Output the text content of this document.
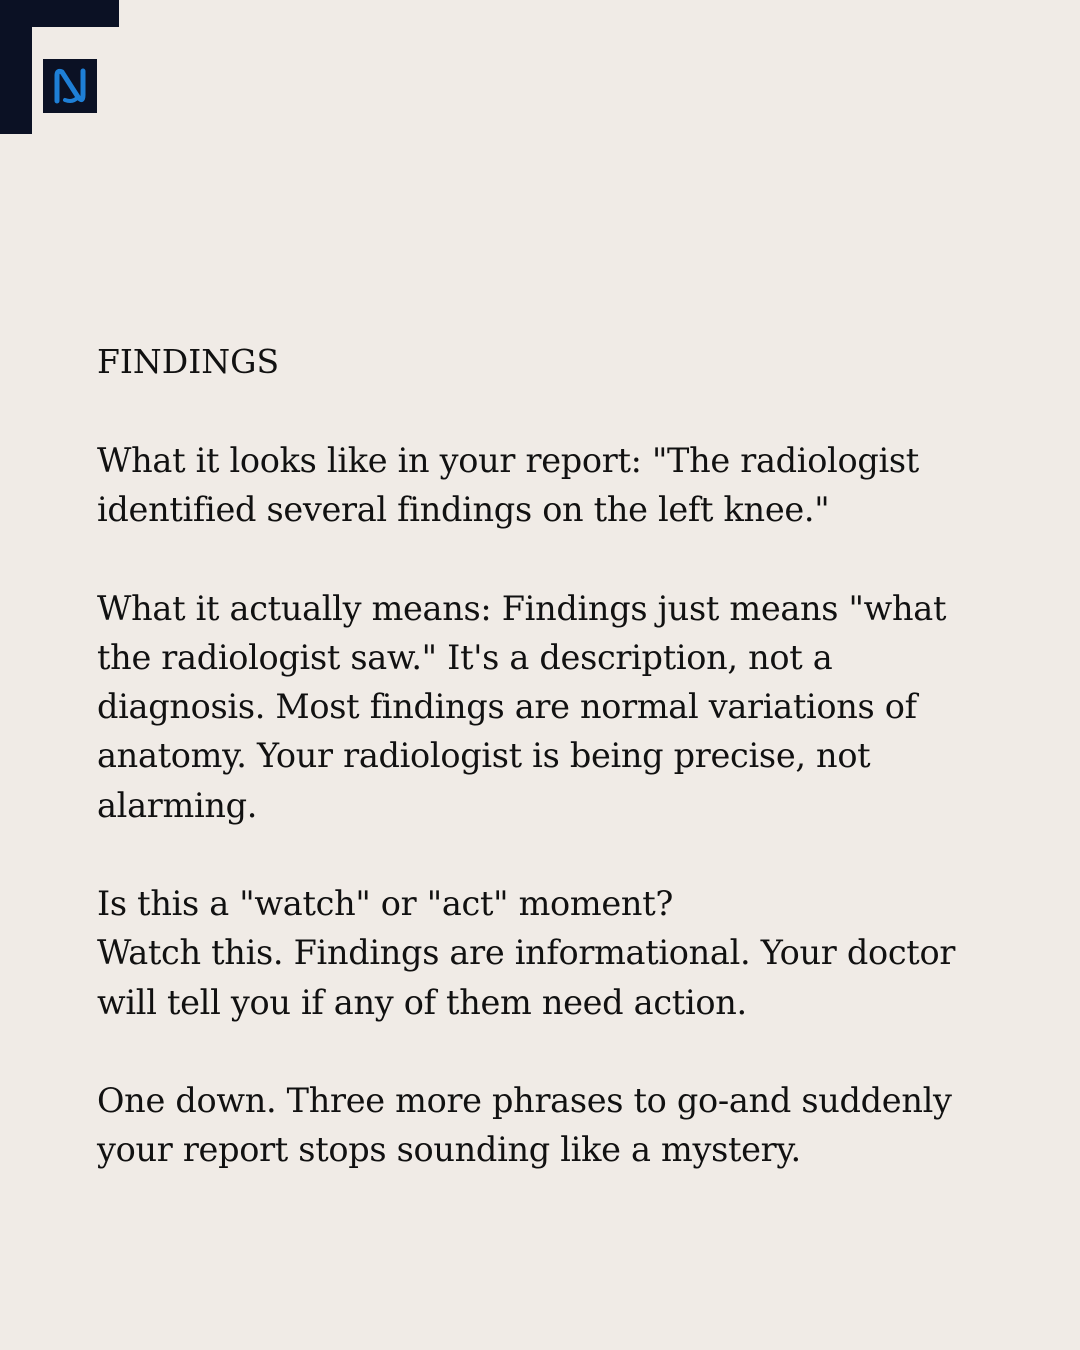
FINDINGS

What it looks like in your report: "The radiologist

identified several findings on the left knee."

What it actually means: Findings just means "what

the radiologist saw." It's a description, not a

diagnosis. Most findings are normal variations of

anatomy. Your radiologist is being precise, not

alarming.

Is this a "watch" or "act" moment?

Watch this. Findings are informational. Your doctor

will tell you if any of them need action.

One down. Three more phrases to go-and suddenly

your report stops sounding like a mystery.
